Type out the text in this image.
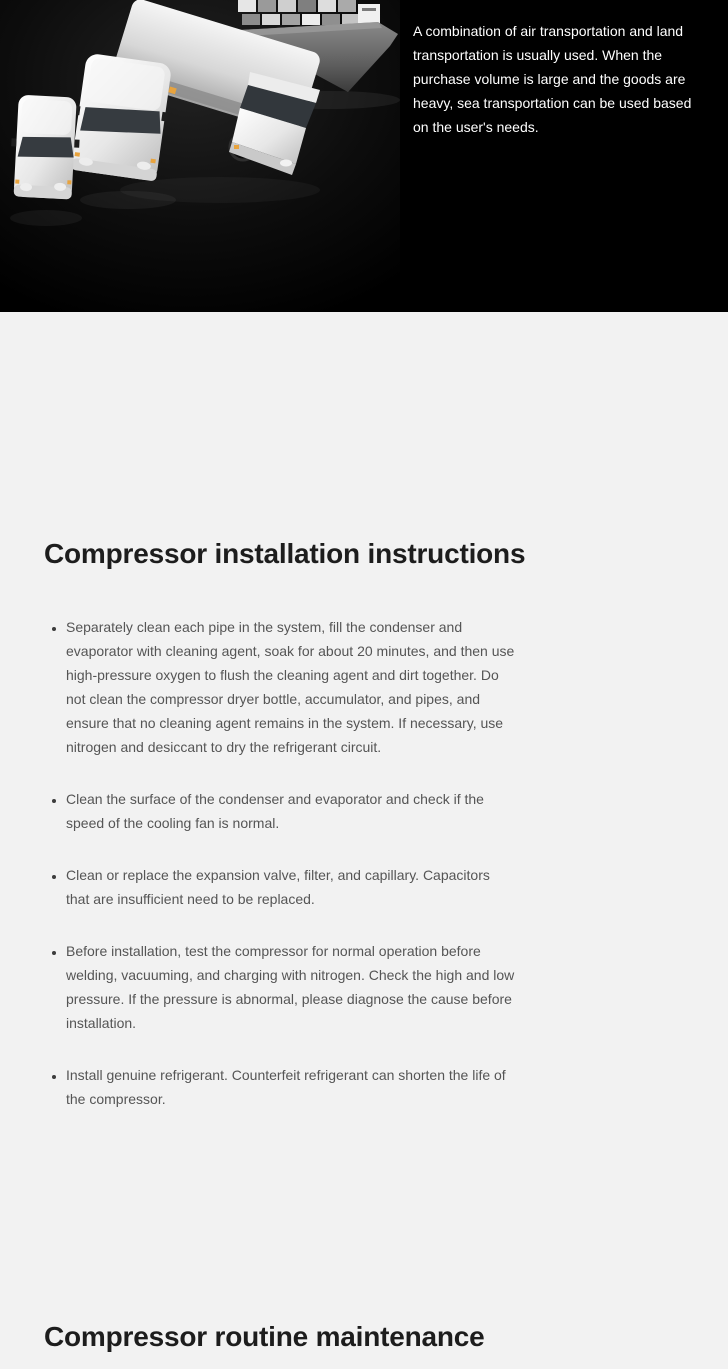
A combination of air transportation and land transportation is usually used. When the purchase volume is large and the goods are heavy, sea transportation can be used based on the user's needs.

Compressor installation instructions
• Separately clean each pipe in the system, fill the condenser and evaporator with cleaning agent, soak for about 20 minutes, and then use high-pressure oxygen to flush the cleaning agent and dirt together. Do not clean the compressor dryer bottle, accumulator, and pipes, and ensure that no cleaning agent remains in the system. If necessary, use nitrogen and desiccant to dry the refrigerant circuit.
• Clean the surface of the condenser and evaporator and check if the speed of the cooling fan is normal.
• Clean or replace the expansion valve, filter, and capillary. Capacitors that are insufficient need to be replaced.
• Before installation, test the compressor for normal operation before welding, vacuuming, and charging with nitrogen. Check the high and low pressure. If the pressure is abnormal, please diagnose the cause before installation.
• Install genuine refrigerant. Counterfeit refrigerant can shorten the life of the compressor.
Compressor routine maintenance
